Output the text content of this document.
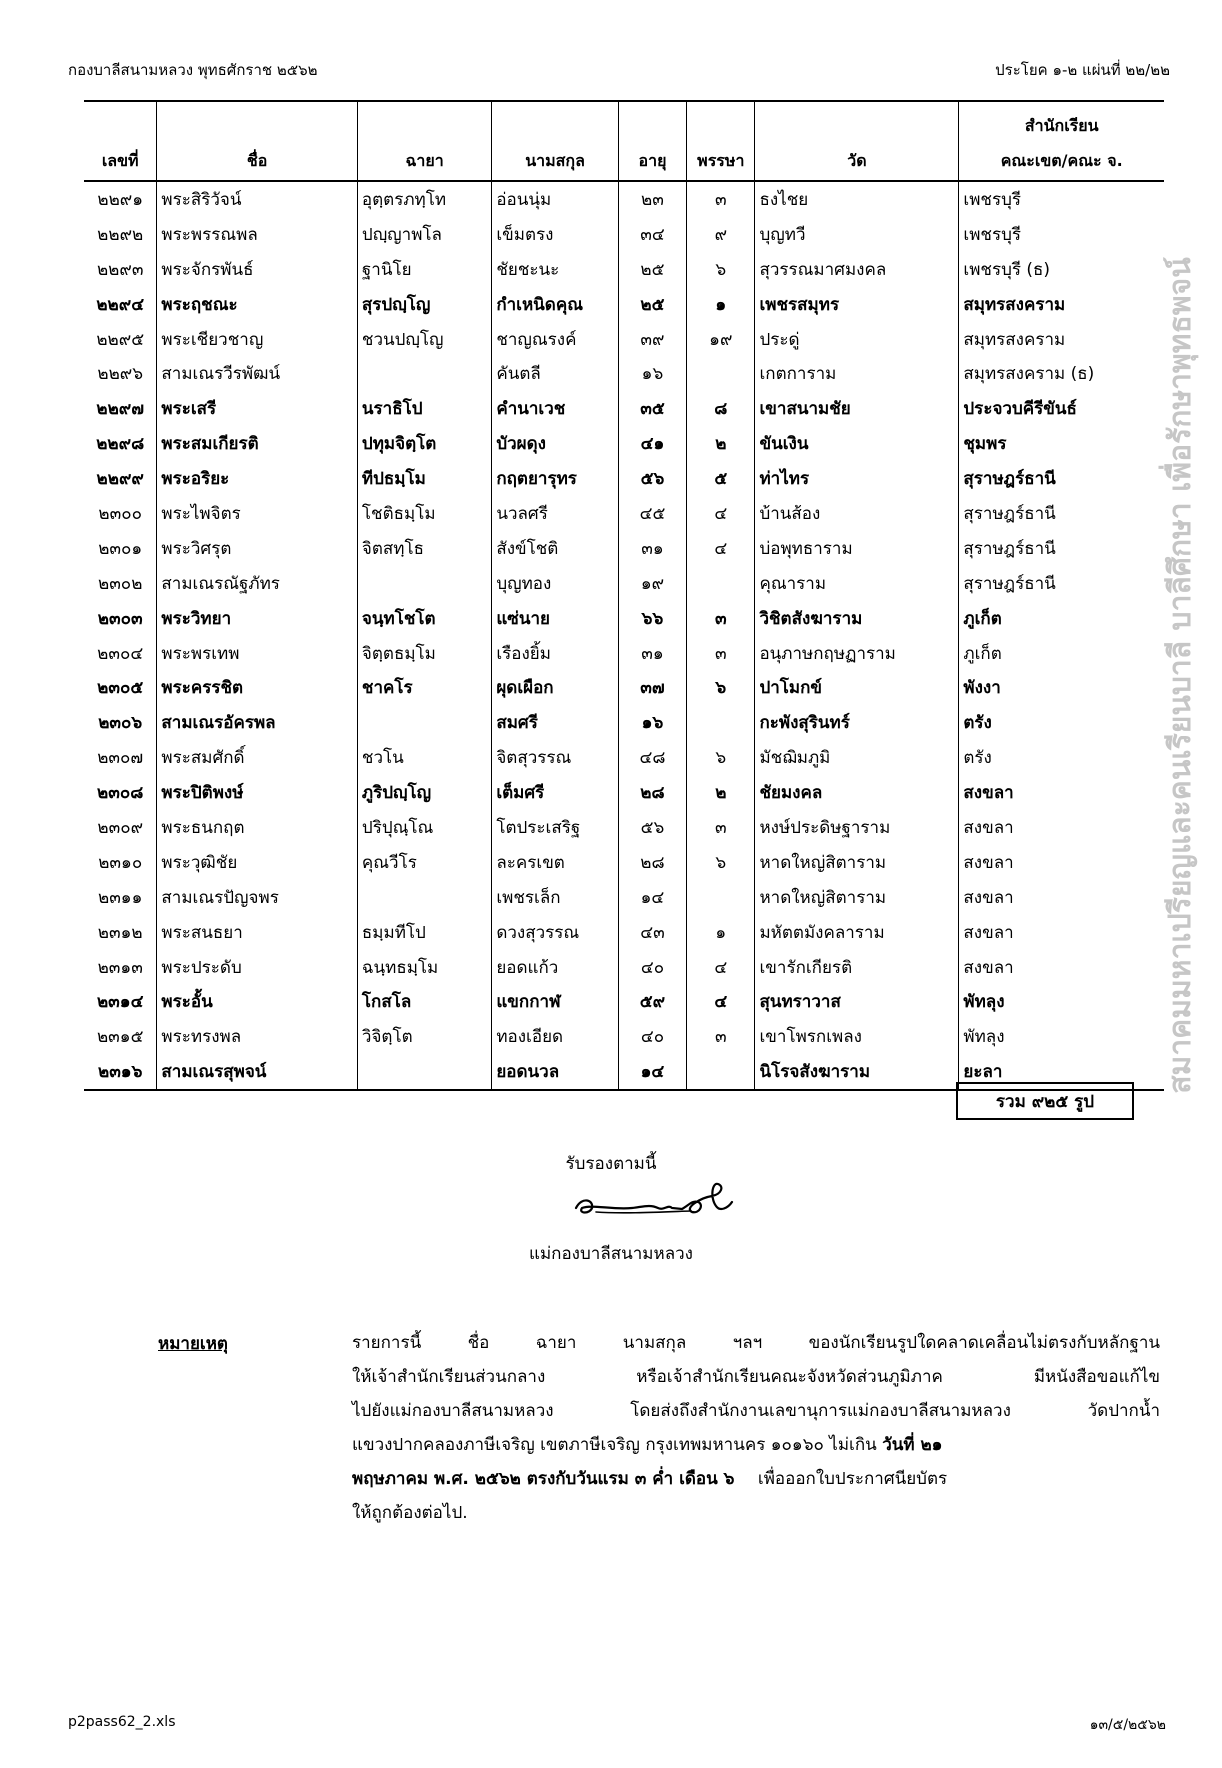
กองบาลีสนามหลวง พุทธศักราช ๒๕๖๒	ประโยค ๑-๒ แผ่นที่ ๒๒/๒๒
เลขที่	ชื่อ	ฉายา	นามสกุล	อายุ	พรรษา	วัด	สำนักเรียน
คณะเขต/คณะ จ.

๒๒๙๑	พระสิริวัจน์	อุตฺตรภทฺโท	อ่อนนุ่ม	๒๓	๓	ธงไชย	เพชรบุรี
๒๒๙๒	พระพรรณพล	ปญฺญาพโล	เข็มตรง	๓๔	๙	บุญทวี	เพชรบุรี
๒๒๙๓	พระจักรพันธ์	ฐานิโย	ชัยชะนะ	๒๕	๖	สุวรรณมาศมงคล	เพชรบุรี (ธ)
๒๒๙๔	พระฤชณะ	สุรปญฺโญ	กำเหนิดคุณ	๒๕	๑	เพชรสมุทร	สมุทรสงคราม
๒๒๙๕	พระเชียวชาญ	ชวนปญฺโญ	ชาญณรงค์	๓๙	๑๙	ประดู่	สมุทรสงคราม
๒๒๙๖	สามเณรวีรพัฒน์		คันตลี	๑๖		เกตการาม	สมุทรสงคราม (ธ)
๒๒๙๗	พระเสรี	นราธิโป	คำนาเวช	๓๕	๘	เขาสนามชัย	ประจวบคีรีขันธ์
๒๒๙๘	พระสมเกียรติ	ปทุมจิตฺโต	บัวผดุง	๔๑	๒	ขันเงิน	ชุมพร
๒๒๙๙	พระอริยะ	ทีปธมฺโม	กฤตยารุทร	๕๖	๕	ท่าไทร	สุราษฎร์ธานี
๒๓๐๐	พระไพจิตร	โชติธมฺโม	นวลศรี	๔๕	๔	บ้านส้อง	สุราษฎร์ธานี
๒๓๐๑	พระวิศรุต	จิตสทฺโธ	สังข์โชติ	๓๑	๔	บ่อพุทธาราม	สุราษฎร์ธานี
๒๓๐๒	สามเณรณัฐภัทร		บุญทอง	๑๙		คุณาราม	สุราษฎร์ธานี
๒๓๐๓	พระวิทยา	จนฺทโชโต	แซ่นาย	๖๖	๓	วิชิตสังฆาราม	ภูเก็ต
๒๓๐๔	พระพรเทพ	จิตฺตธมฺโม	เรืองยิ้ม	๓๑	๓	อนุภาษกฤษฏาราม	ภูเก็ต
๒๓๐๕	พระครรชิต	ชาคโร	ผุดเผือก	๓๗	๖	ปาโมกข์	พังงา
๒๓๐๖	สามเณรอัครพล		สมศรี	๑๖		กะพังสุรินทร์	ตรัง
๒๓๐๗	พระสมศักดิ์	ชวโน	จิตสุวรรณ	๔๘	๖	มัชฌิมภูมิ	ตรัง
๒๓๐๘	พระปิติพงษ์	ภูริปญฺโญ	เต็มศรี	๒๘	๒	ชัยมงคล	สงขลา
๒๓๐๙	พระธนกฤต	ปริปุณฺโณ	โตประเสริฐ	๕๖	๓	หงษ์ประดิษฐาราม	สงขลา
๒๓๑๐	พระวุฒิชัย	คุณวีโร	ละครเขต	๒๘	๖	หาดใหญ่สิตาราม	สงขลา
๒๓๑๑	สามเณรปัญจพร		เพชรเล็ก	๑๔		หาดใหญ่สิตาราม	สงขลา
๒๓๑๒	พระสนธยา	ธมฺมทีโป	ดวงสุวรรณ	๔๓	๑	มหัตตมังคลาราม	สงขลา
๒๓๑๓	พระประดับ	ฉนฺทธมฺโม	ยอดแก้ว	๔๐	๔	เขารักเกียรติ	สงขลา
๒๓๑๔	พระอั้น	โกสโล	แขกกาฬ	๕๙	๔	สุนทราวาส	พัทลุง
๒๓๑๕	พระทรงพล	วิจิตฺโต	ทองเอียด	๔๐	๓	เขาโพรกเพลง	พัทลุง
๒๓๑๖	สามเณรสุพจน์		ยอดนวล	๑๔		นิโรจสังฆาราม	ยะลา
รวม ๙๒๕ รูป
สมาคมมหาเปรียญและคนเรียนบาลี บาลีศึกษา เพื่อรักษาพุทธพจน์
รับรองตามนี้
แม่กองบาลีสนามหลวง
หมายเหตุ	รายการนี้ ชื่อ ฉายา นามสกุล ฯลฯ ของนักเรียนรูปใดคลาดเคลื่อนไม่ตรงกับหลักฐาน
ให้เจ้าสำนักเรียนส่วนกลาง หรือเจ้าสำนักเรียนคณะจังหวัดส่วนภูมิภาค มีหนังสือขอแก้ไข
ไปยังแม่กองบาลีสนามหลวง โดยส่งถึงสำนักงานเลขานุการแม่กองบาลีสนามหลวง วัดปากน้ำ
แขวงปากคลองภาษีเจริญ เขตภาษีเจริญ กรุงเทพมหานคร ๑๐๑๖๐ ไม่เกิน วันที่ ๒๑
พฤษภาคม พ.ศ. ๒๕๖๒ ตรงกับวันแรม ๓ ค่ำ เดือน ๖ เพื่อออกใบประกาศนียบัตร
ให้ถูกต้องต่อไป.
p2pass62_2.xls	๑๓/๕/๒๕๖๒
